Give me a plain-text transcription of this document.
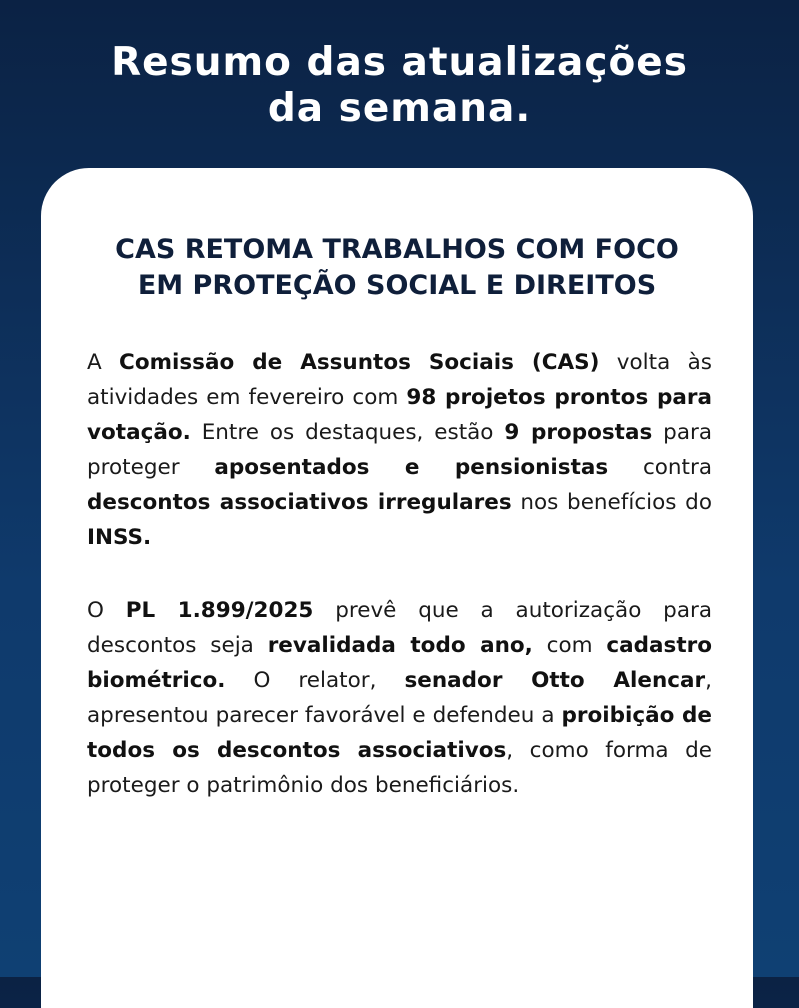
Resumo das atualizações
da semana.
CAS RETOMA TRABALHOS COM FOCO
EM PROTEÇÃO SOCIAL E DIREITOS

A Comissão de Assuntos Sociais (CAS) volta às atividades em fevereiro com 98 projetos prontos para votação. Entre os destaques, estão 9 propostas para proteger aposentados e pensionistas contra descontos associativos irregulares nos benefícios do INSS.

O PL 1.899/2025 prevê que a autorização para descontos seja revalidada todo ano, com cadastro biométrico. O relator, senador Otto Alencar, apresentou parecer favorável e defendeu a proibição de todos os descontos associativos, como forma de proteger o patrimônio dos beneficiários.
